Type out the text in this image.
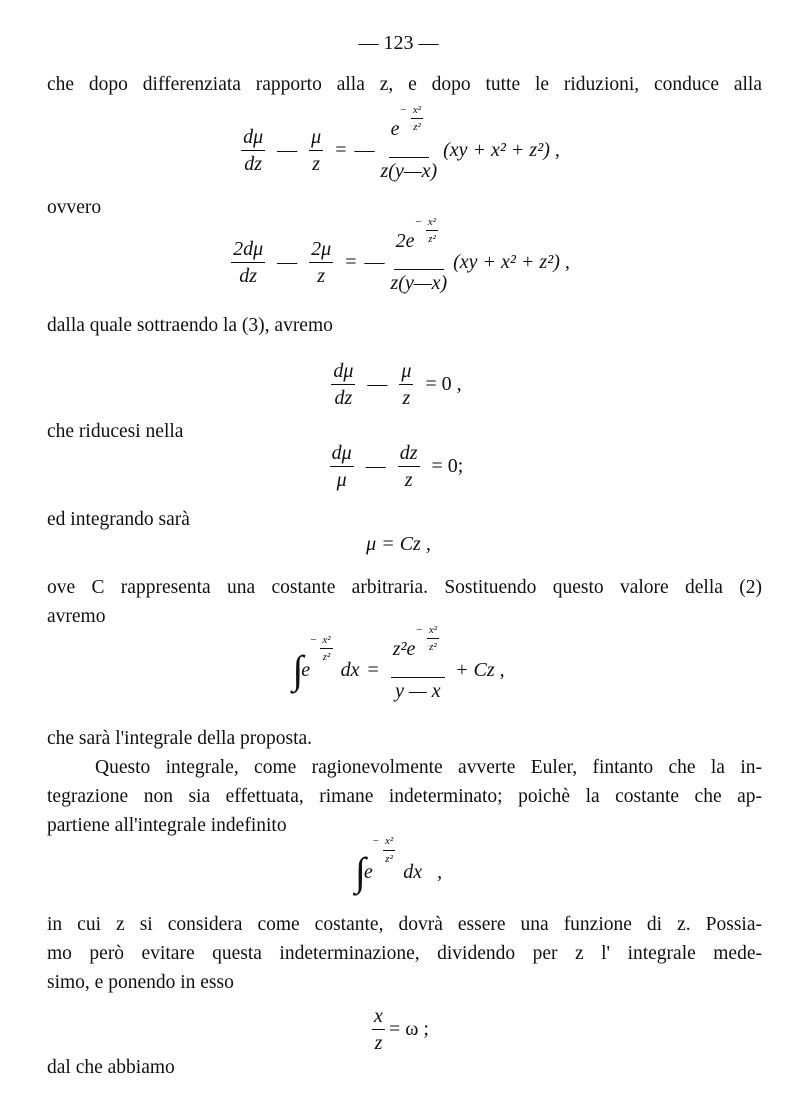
— 123 —
che dopo differenziata rapporto alla z, e dopo tutte le riduzioni, conduce alla
$\frac{d\mu}{dz}$ — $\frac{\mu}{z}$ = — $\frac{e- \frac{\text{x²}}{\text{z²}}}{z(y—x)} (xy + x^2 + z^2)$ ,
ovvero
$\frac{2d\mu}{dz}$ — $\frac{2\mu}{z}$ = — $\frac{2e- \frac{\text{x²}}{\text{z²}}}{z(y—x)} (xy + x^2 + z^2)$ ,
dalla quale sottraendo la (3), avremo
$\frac{d\mu}{dz}$ — $\frac{\mu}{z} = 0$ ,
che riducesi nella
$\frac{d\mu}{\mu}$ — $\frac{dz}{z} = 0$;
ed integrando sarà
μ = Cz ,
ove C rappresenta una costante arbitraria. Sostituendo questo valore della (2)
avremo
∫
e
− $\frac{\text{x²}}{\text{z²}}$
dx = $\frac{z^2e- \frac{\text{x²}}{\text{z²}}}{y — x} + Cz$ ,
che sarà l'integrale della proposta.
Questo integrale, come ragionevolmente avverte Euler, fintanto che la in-
tegrazione non sia effettuata, rimane indeterminato; poichè la costante che ap-
partiene all'integrale indefinito
∫
e
− $\frac{\text{x²}}{\text{z²}}$
dx   ,
in cui z si considera come costante, dovrà essere una funzione di z. Possia-
mo però evitare questa indeterminazione, dividendo per z l' integrale mede-
simo, e ponendo in esso
$\frac{x}{z} = \omega$ ;
dal che abbiamo
